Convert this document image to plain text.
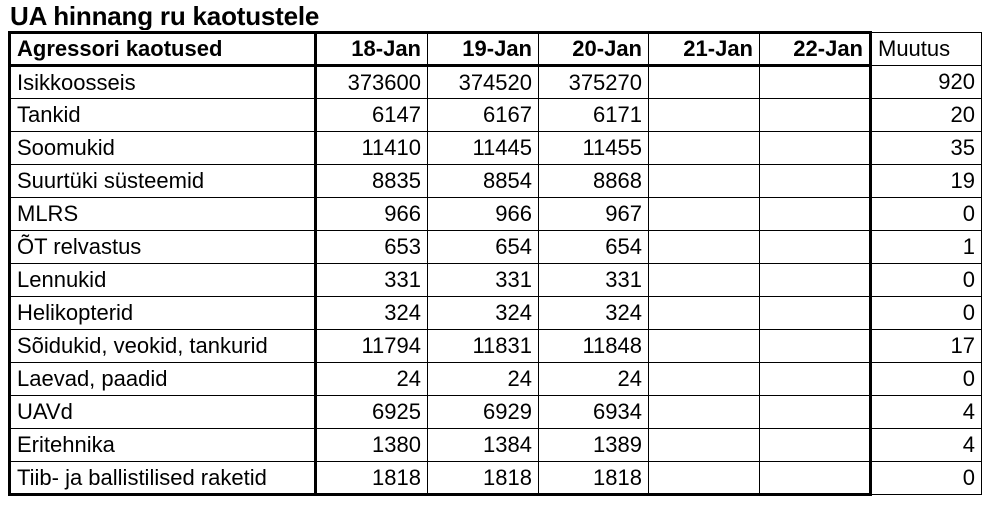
UA hinnang ru kaotustele
Agressori kaotused	18-Jan	19-Jan	20-Jan	21-Jan	22-Jan	Muutus
Isikkoosseis	373600	374520	375270			920
Tankid	6147	6167	6171			20
Soomukid	11410	11445	11455			35
Suurtüki süsteemid	8835	8854	8868			19
MLRS	966	966	967			0
ÕT relvastus	653	654	654			1
Lennukid	331	331	331			0
Helikopterid	324	324	324			0
Sõidukid, veokid, tankurid	11794	11831	11848			17
Laevad, paadid	24	24	24			0
UAVd	6925	6929	6934			4
Eritehnika	1380	1384	1389			4
Tiib- ja ballistilised raketid	1818	1818	1818			0
